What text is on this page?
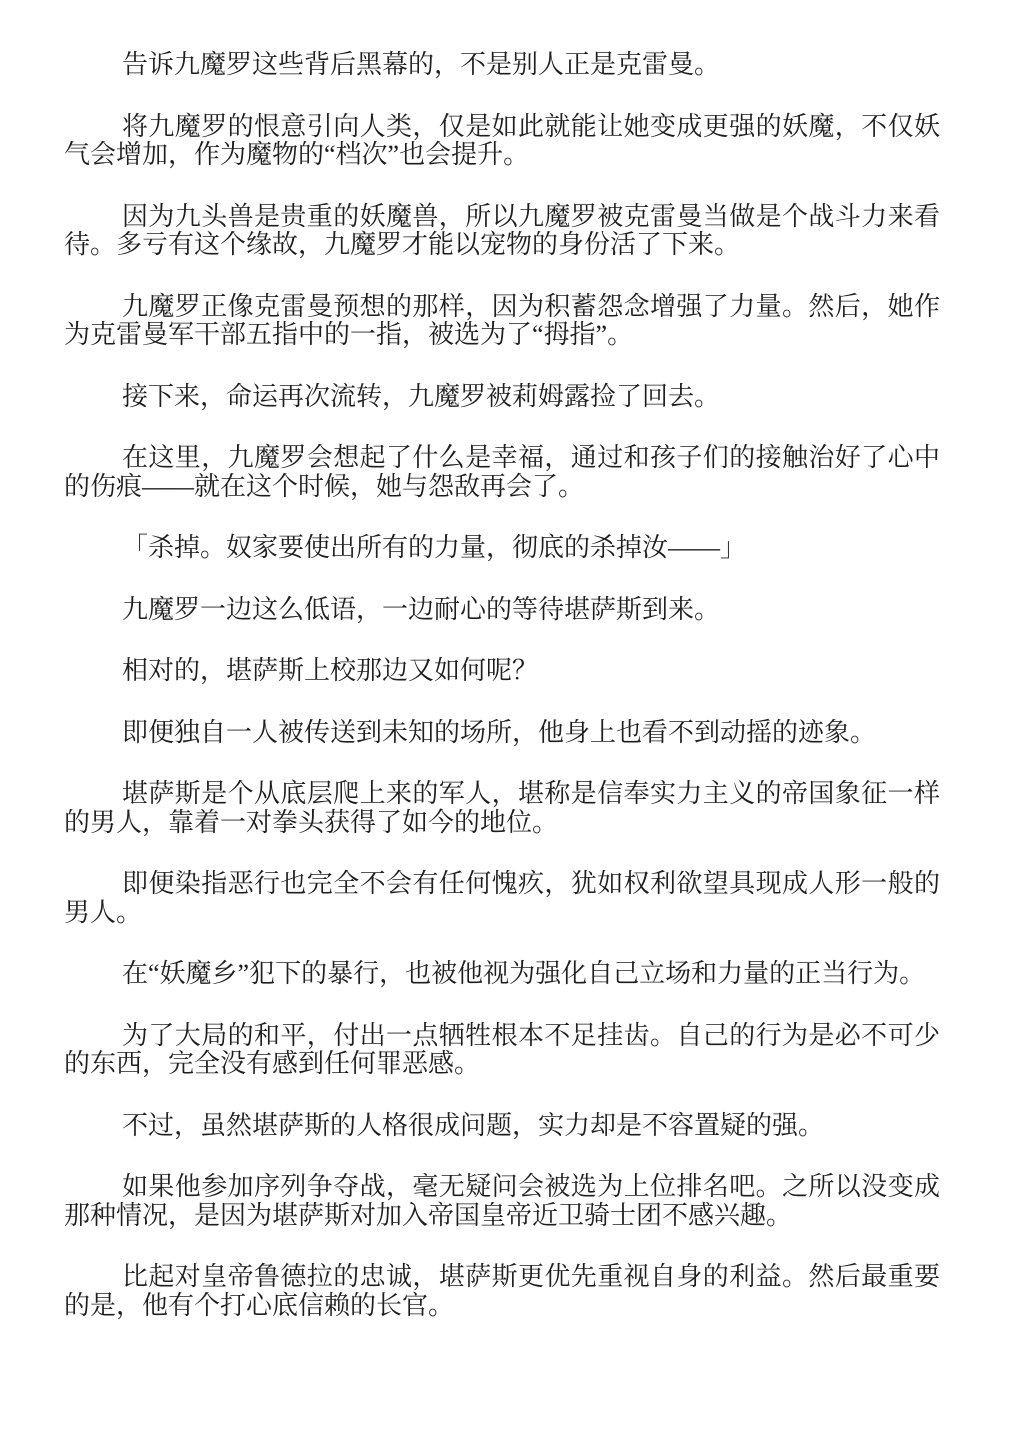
告诉九魔罗这些背后黑幕的，不是别人正是克雷曼。

将九魔罗的恨意引向人类，仅是如此就能让她变成更强的妖魔，不仅妖气会增加，作为魔物的“档次”也会提升。

因为九头兽是贵重的妖魔兽，所以九魔罗被克雷曼当做是个战斗力来看待。多亏有这个缘故，九魔罗才能以宠物的身份活了下来。

九魔罗正像克雷曼预想的那样，因为积蓄怨念增强了力量。然后，她作为克雷曼军干部五指中的一指，被选为了“拇指”。

接下来，命运再次流转，九魔罗被莉姆露捡了回去。

在这里，九魔罗会想起了什么是幸福，通过和孩子们的接触治好了心中的伤痕——就在这个时候，她与怨敌再会了。

「杀掉。奴家要使出所有的力量，彻底的杀掉汝——」

九魔罗一边这么低语，一边耐心的等待堪萨斯到来。

相对的，堪萨斯上校那边又如何呢？

即便独自一人被传送到未知的场所，他身上也看不到动摇的迹象。

堪萨斯是个从底层爬上来的军人，堪称是信奉实力主义的帝国象征一样的男人，靠着一对拳头获得了如今的地位。

即便染指恶行也完全不会有任何愧疚，犹如权利欲望具现成人形一般的男人。

在“妖魔乡”犯下的暴行，也被他视为强化自己立场和力量的正当行为。

为了大局的和平，付出一点牺牲根本不足挂齿。自己的行为是必不可少的东西，完全没有感到任何罪恶感。

不过，虽然堪萨斯的人格很成问题，实力却是不容置疑的强。

如果他参加序列争夺战，毫无疑问会被选为上位排名吧。之所以没变成那种情况，是因为堪萨斯对加入帝国皇帝近卫骑士团不感兴趣。

比起对皇帝鲁德拉的忠诚，堪萨斯更优先重视自身的利益。然后最重要的是，他有个打心底信赖的长官。
